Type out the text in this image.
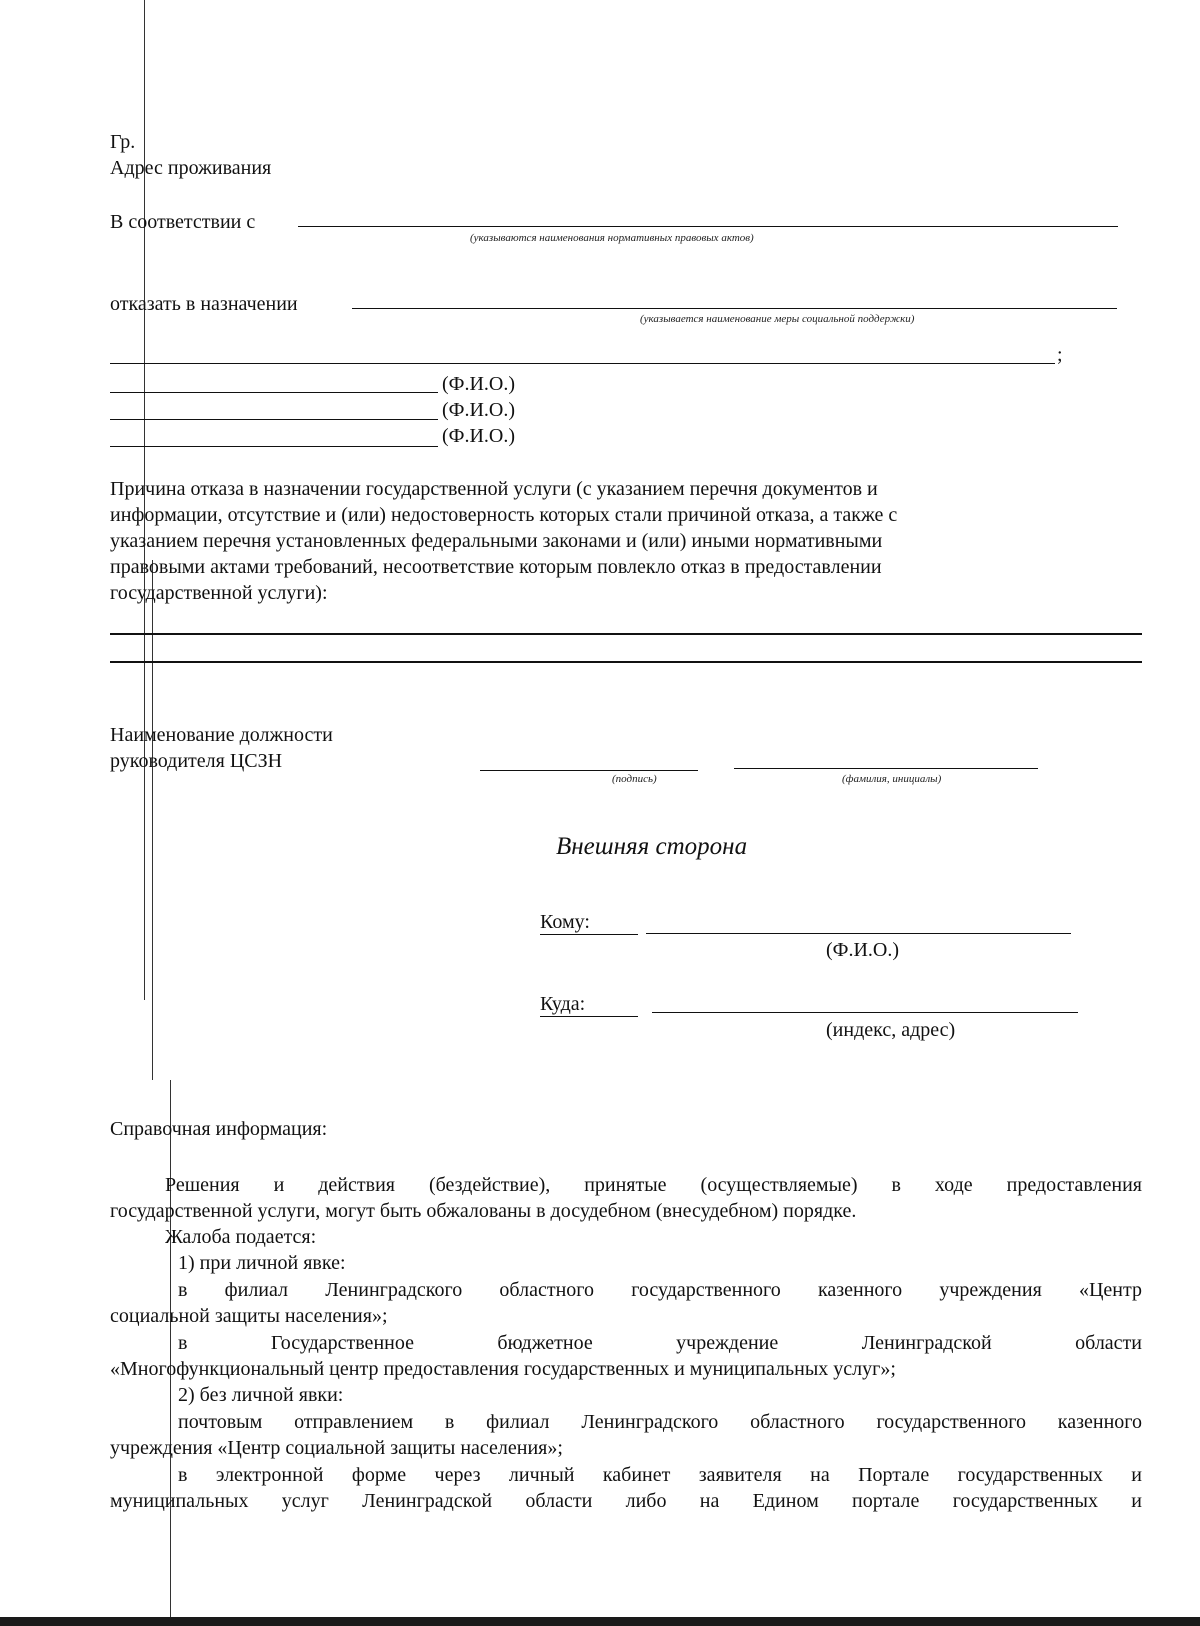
Гр.
Адрес проживания
В соответствии с
(указываются наименования нормативных правовых актов)
отказать в назначении
(указывается наименование меры социальной поддержки)
;
(Ф.И.О.)
(Ф.И.О.)
(Ф.И.О.)
Причина отказа в назначении государственной услуги (с указанием перечня документов и
информации, отсутствие и (или) недостоверность которых стали причиной отказа, а также с
указанием перечня установленных федеральными законами и (или) иными нормативными
правовыми актами требований, несоответствие которым повлекло отказ в предоставлении
государственной услуги):
Наименование должности
руководителя ЦСЗН
(подпись)	(фамилия, инициалы)
Внешняя сторона
Кому:
(Ф.И.О.)
Куда:
(индекс, адрес)
Справочная информация:
Решения и действия (бездействие), принятые (осуществляемые) в ходе предоставления
государственной услуги, могут быть обжалованы в досудебном (внесудебном) порядке.
Жалоба подается:
1) при личной явке:
в филиал Ленинградского областного государственного казенного учреждения «Центр
социальной защиты населения»;
в Государственное бюджетное учреждение Ленинградской области
«Многофункциональный центр предоставления государственных и муниципальных услуг»;
2) без личной явки:
почтовым отправлением в филиал Ленинградского областного государственного казенного
учреждения «Центр социальной защиты населения»;
в электронной форме через личный кабинет заявителя на Портале государственных и
муниципальных услуг Ленинградской области либо на Едином портале государственных и
